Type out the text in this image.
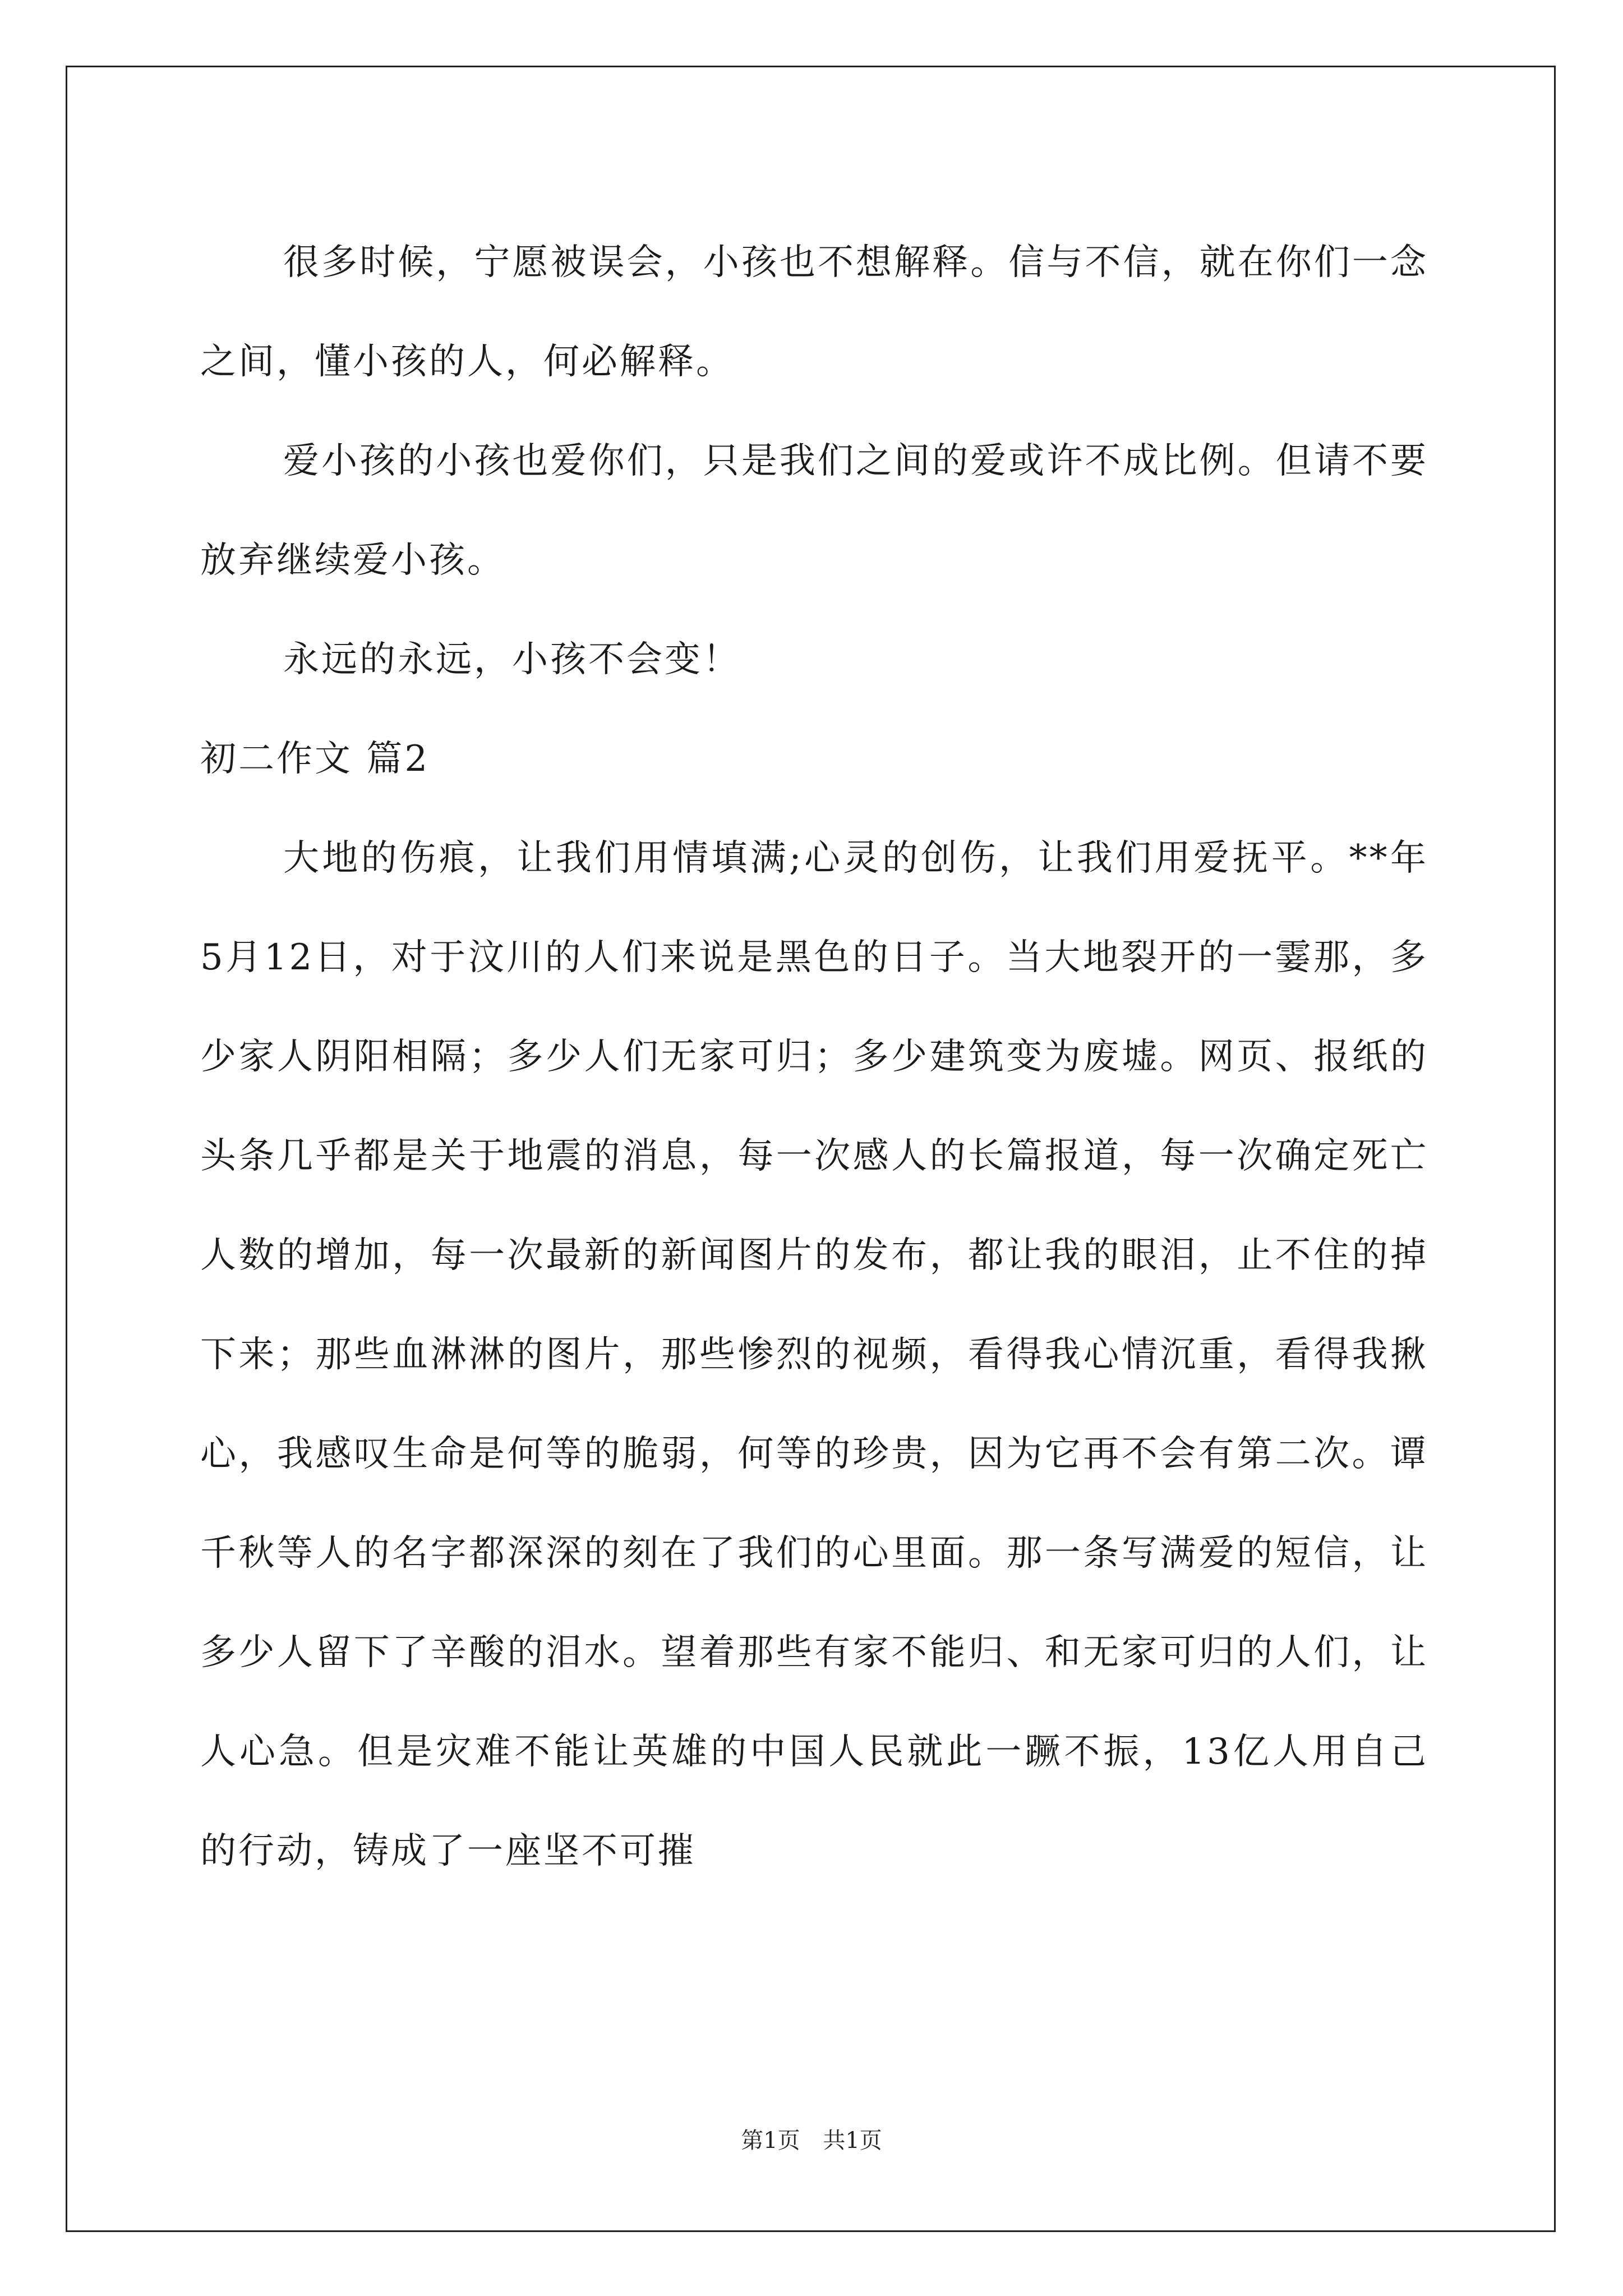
很多时候，宁愿被误会，小孩也不想解释。信与不信，就在你们一念之间，懂小孩的人，何必解释。

爱小孩的小孩也爱你们，只是我们之间的爱或许不成比例。但请不要放弃继续爱小孩。

永远的永远，小孩不会变！

初二作文 篇2

大地的伤痕，让我们用情填满;心灵的创伤，让我们用爱抚平。**年5月12日，对于汶川的人们来说是黑色的日子。当大地裂开的一霎那，多少家人阴阳相隔；多少人们无家可归；多少建筑变为废墟。网页、报纸的头条几乎都是关于地震的消息，每一次感人的长篇报道，每一次确定死亡人数的增加，每一次最新的新闻图片的发布，都让我的眼泪，止不住的掉下来；那些血淋淋的图片，那些惨烈的视频，看得我心情沉重，看得我揪心，我感叹生命是何等的脆弱，何等的珍贵，因为它再不会有第二次。谭千秋等人的名字都深深的刻在了我们的心里面。那一条写满爱的短信，让多少人留下了辛酸的泪水。望着那些有家不能归、和无家可归的人们，让人心急。但是灾难不能让英雄的中国人民就此一蹶不振，13亿人用自己的行动，铸成了一座坚不可摧

第1页 共1页
